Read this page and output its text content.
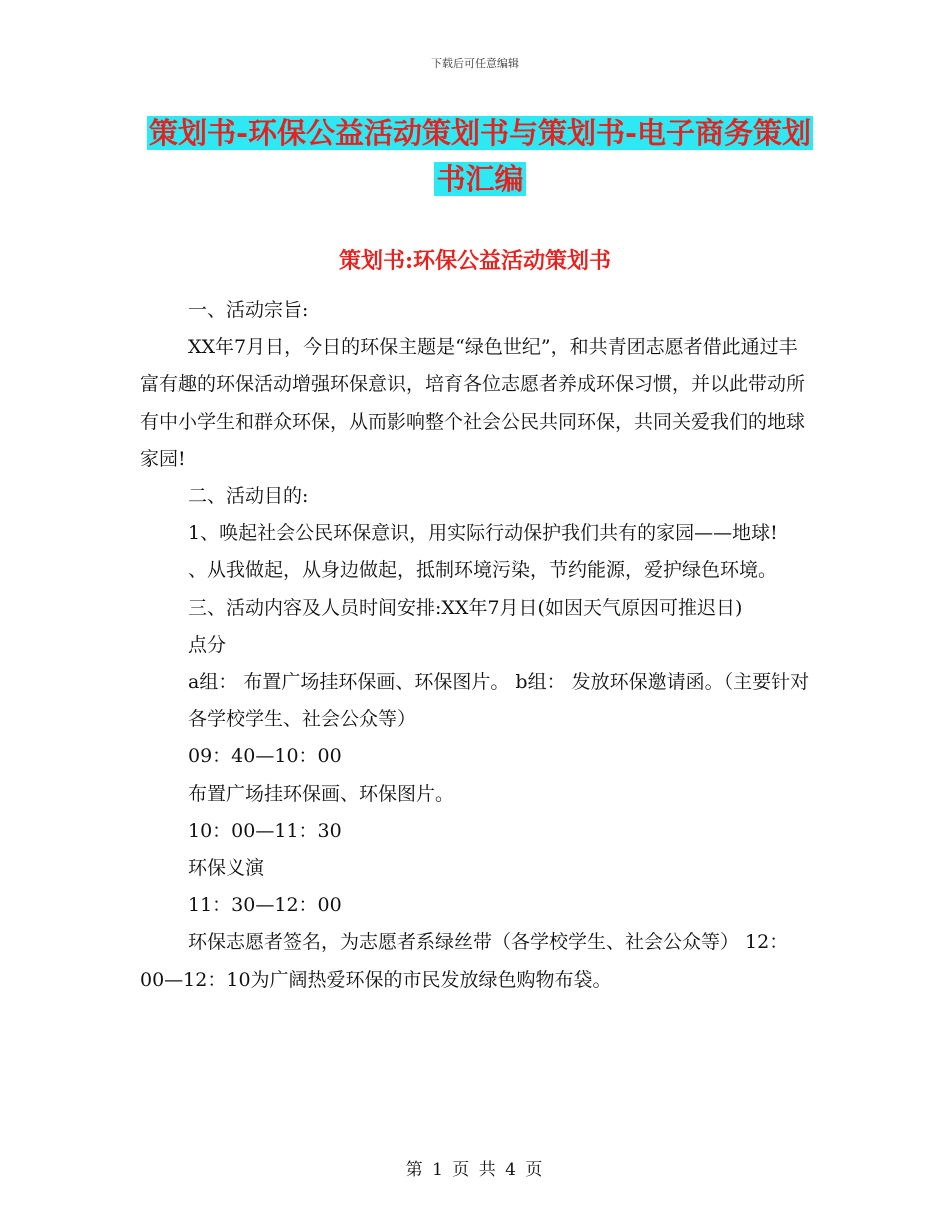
下载后可任意编辑
策划书-环保公益活动策划书与策划书-电子商务策划
书汇编
策划书:环保公益活动策划书

一、活动宗旨:

XX年7月日，今日的环保主题是“绿色世纪”，和共青团志愿者借此通过丰富有趣的环保活动增强环保意识，培育各位志愿者养成环保习惯，并以此带动所有中小学生和群众环保，从而影响整个社会公民共同环保，共同关爱我们的地球家园!

二、活动目的:

1、唤起社会公民环保意识，用实际行动保护我们共有的家园——地球!

、从我做起，从身边做起，抵制环境污染，节约能源，爱护绿色环境。

三、活动内容及人员时间安排:XX年7月日(如因天气原因可推迟日)

点分

a组： 布置广场挂环保画、环保图片。 b组： 发放环保邀请函。（主要针对各学校学生、社会公众等）

09：40—10：00

布置广场挂环保画、环保图片。

10：00—11：30

环保义演

11：30—12：00

环保志愿者签名，为志愿者系绿丝带（各学校学生、社会公众等） 12：00—12：10为广阔热爱环保的市民发放绿色购物布袋。

第 1 页 共 4 页
